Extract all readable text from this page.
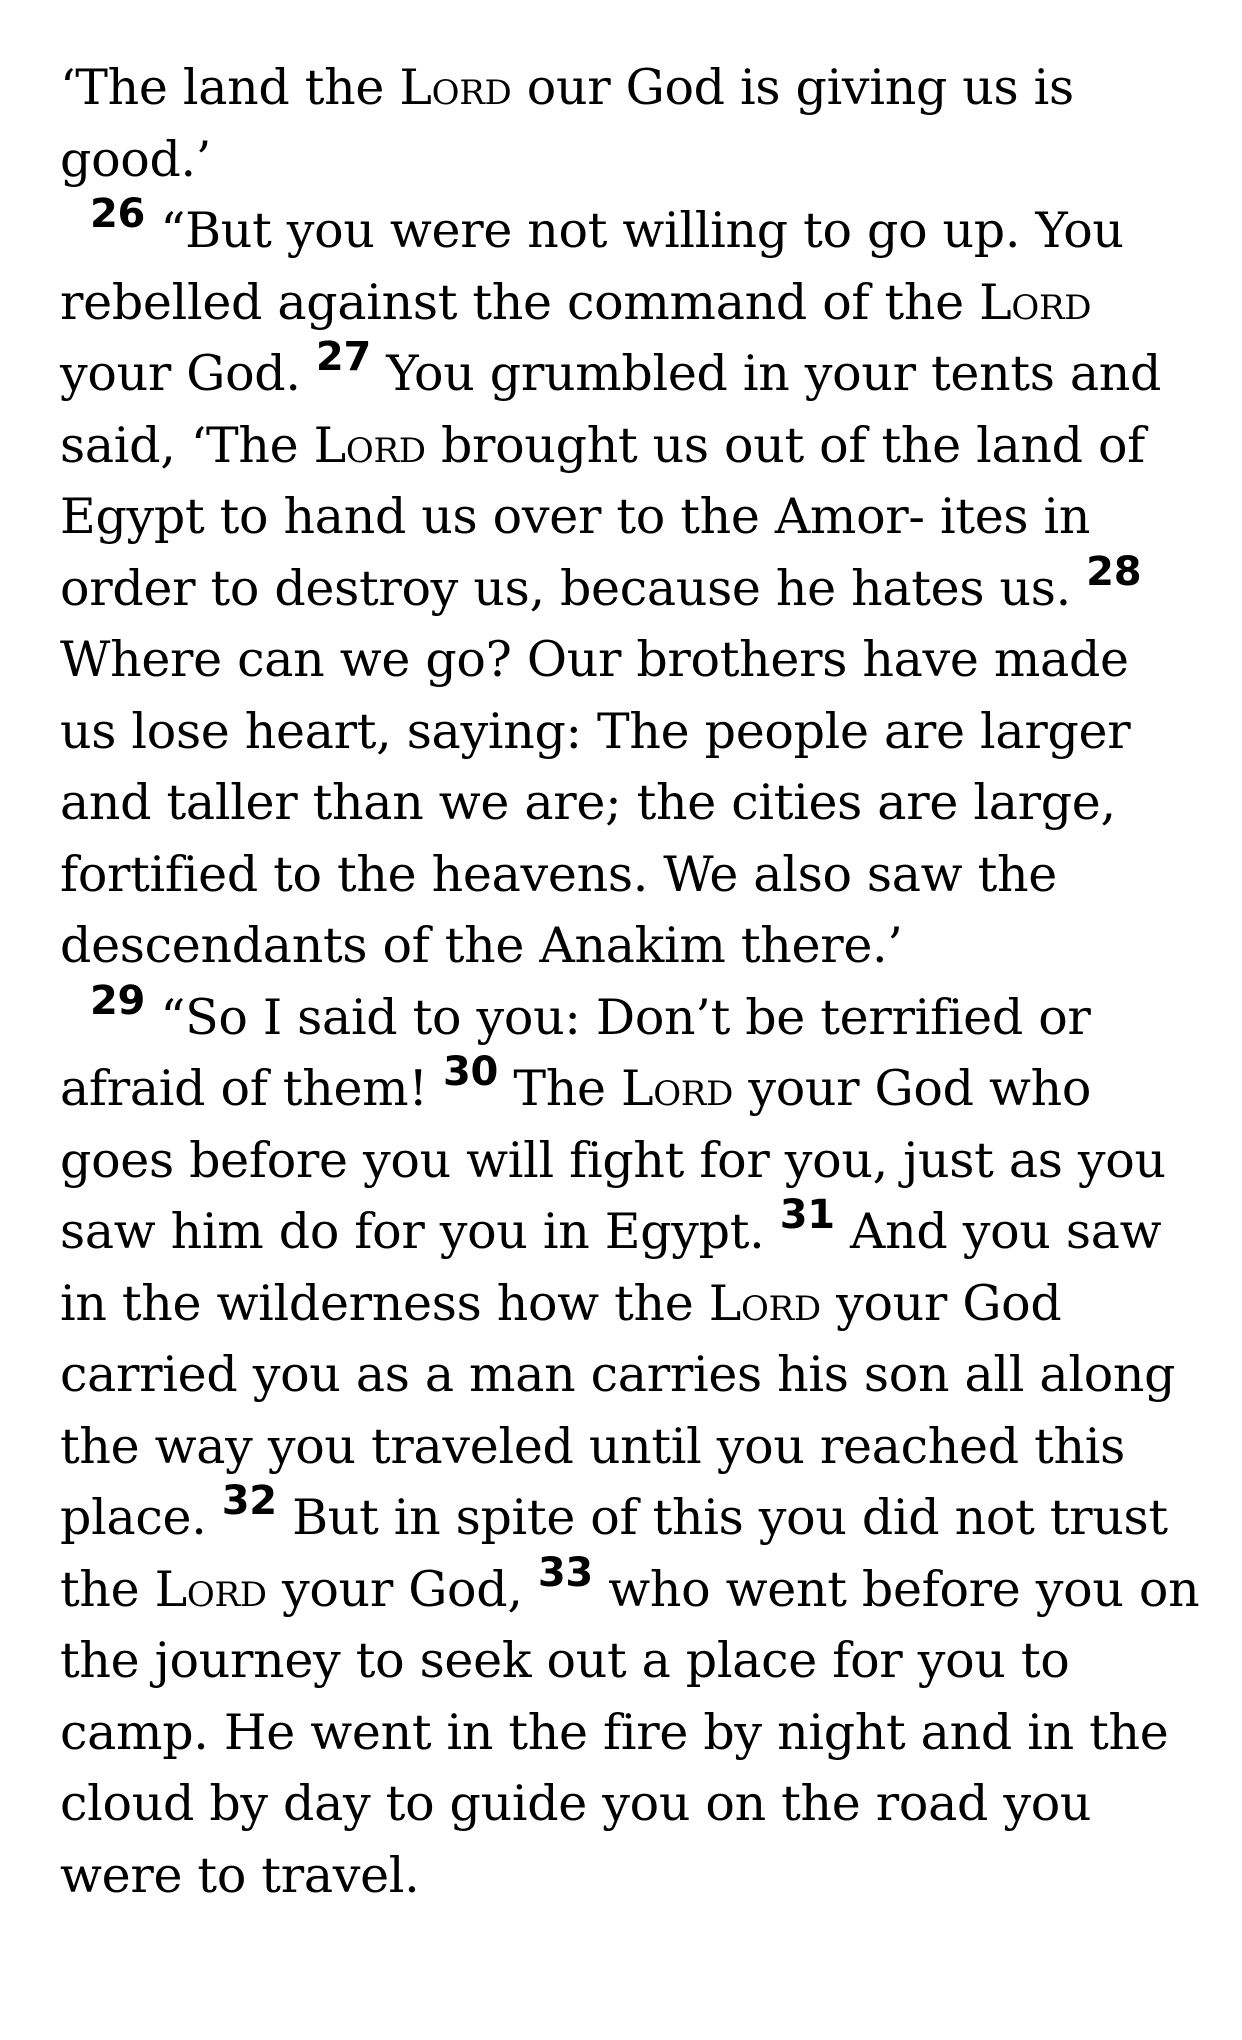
‘The land the Lord our God is giving us is good.’

$^{26}$ “But you were not willing to go up. You rebelled against the command of the Lord your God. $^{27}$ You grumbled in your tents and said, ‘The Lord brought us out of the land of Egypt to hand us over to the Amor- ites in order to destroy us, because he hates us. $^{28}$ Where can we go? Our brothers have made us lose heart, saying: The people are larger and taller than we are; the cities are large, fortified to the heavens. We also saw the descendants of the Anakim there.’

$^{29}$ “So I said to you: Don’t be terrified or afraid of them! $^{30}$ The Lord your God who goes before you will fight for you, just as you saw him do for you in Egypt. $^{31}$ And you saw in the wilderness how the Lord your God carried you as a man carries his son all along the way you traveled until you reached this place. $^{32}$ But in spite of this you did not trust the Lord your God, $^{33}$ who went before you on the journey to seek out a place for you to camp. He went in the fire by night and in the cloud by day to guide you on the road you were to travel.
